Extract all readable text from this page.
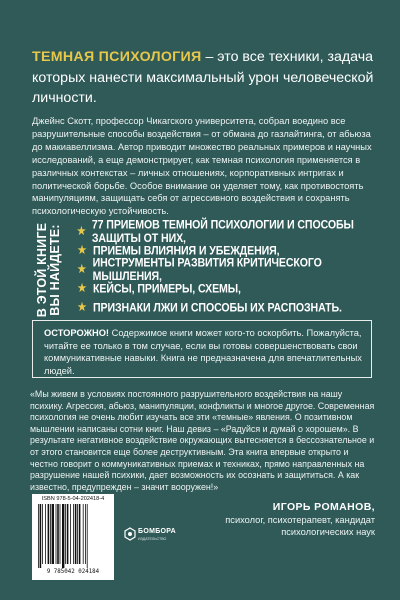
ТЕМНАЯ ПСИХОЛОГИЯ – это все техники, задача которых нанести максимальный урон человеческой личности.

Джейнс Скотт, профессор Чикагского университета, собрал воедино все разрушительные способы воздействия – от обмана до газлайтинга, от абьюза до макиавеллизма. Автор приводит множество реальных примеров и научных исследований, а еще демонстрирует, как темная психология применяется в различных контекстах – личных отношениях, корпоративных интригах и политической борьбе. Особое внимание он уделяет тому, как противостоять манипуляциям, защищать себя от агрессивного воздействия и сохранять психологическую устойчивость.

В ЭТОЙ КНИГЕ ВЫ НАЙДЕТЕ: ★ 77 ПРИЕМОВ ТЕМНОЙ ПСИХОЛОГИИ И СПОСОБЫ ЗАЩИТЫ ОТ НИХ,
★ ПРИЕМЫ ВЛИЯНИЯ И УБЕЖДЕНИЯ,
★ ИНСТРУМЕНТЫ РАЗВИТИЯ КРИТИЧЕСКОГО МЫШЛЕНИЯ,
★ КЕЙСЫ, ПРИМЕРЫ, СХЕМЫ,
★ ПРИЗНАКИ ЛЖИ И СПОСОБЫ ИХ РАСПОЗНАТЬ.
ОСТОРОЖНО! Содержимое книги может кого-то оскорбить. Пожалуйста, читайте ее только в том случае, если вы готовы совершенствовать свои коммуникативные навыки. Книга не предназначена для впечатлительных людей.

«Мы живем в условиях постоянного разрушительного воздействия на нашу психику. Агрессия, абьюз, манипуляции, конфликты и многое другое. Современная психология не очень любит изучать все эти «темные» явления. О позитивном мышлении написаны сотни книг. Наш девиз – «Радуйся и думай о хорошем». В результате негативное воздействие окружающих вытесняется в бессознательное и от этого становится еще более деструктивным. Эта книга впервые открыто и честно говорит о коммуникативных приемах и техниках, прямо направленных на разрушение нашей психики, дает возможность их осознать и защититься. А как известно, предупрежден – значит вооружен!»

ISBN 978-5-04-202418-4
9 785042 024184
БОМБОРА
ИЗДАТЕЛЬСТВО
ИГОРЬ РОМАНОВ,
психолог, психотерапевт, кандидат психологических наук
